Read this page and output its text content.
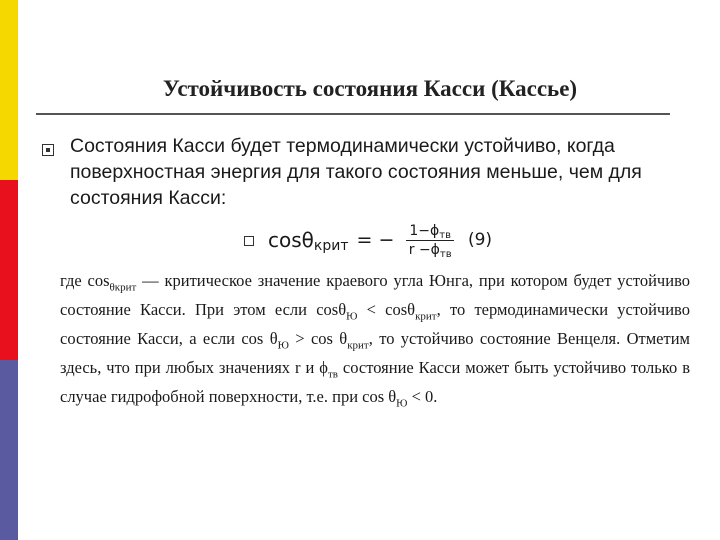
Устойчивость состояния Касси (Кассье)
Состояния Касси будет термодинамически устойчиво, когда поверхностная энергия для такого состояния меньше, чем для состояния Касси:
cosθ крит = − $\frac{1-\phi_{тв}}{r -\phi_{тв}} (9)$
где $\cos_{\theta крит}$ — критическое значение краевого угла Юнга, при котором будет устойчиво состояние Касси. При этом если cosθ$_Ю$ < cosθ$_{крит}$, то термодинамически устойчиво состояние Касси, а если $\cos \theta_Ю > \cos \theta_{крит}$, то устойчиво состояние Венцеля. Отметим здесь, что при любых значениях r и $\phi_{тв}$ состояние Касси может быть устойчиво только в случае гидрофобной поверхности, т.е. при $\cos \theta_Ю < 0$.
